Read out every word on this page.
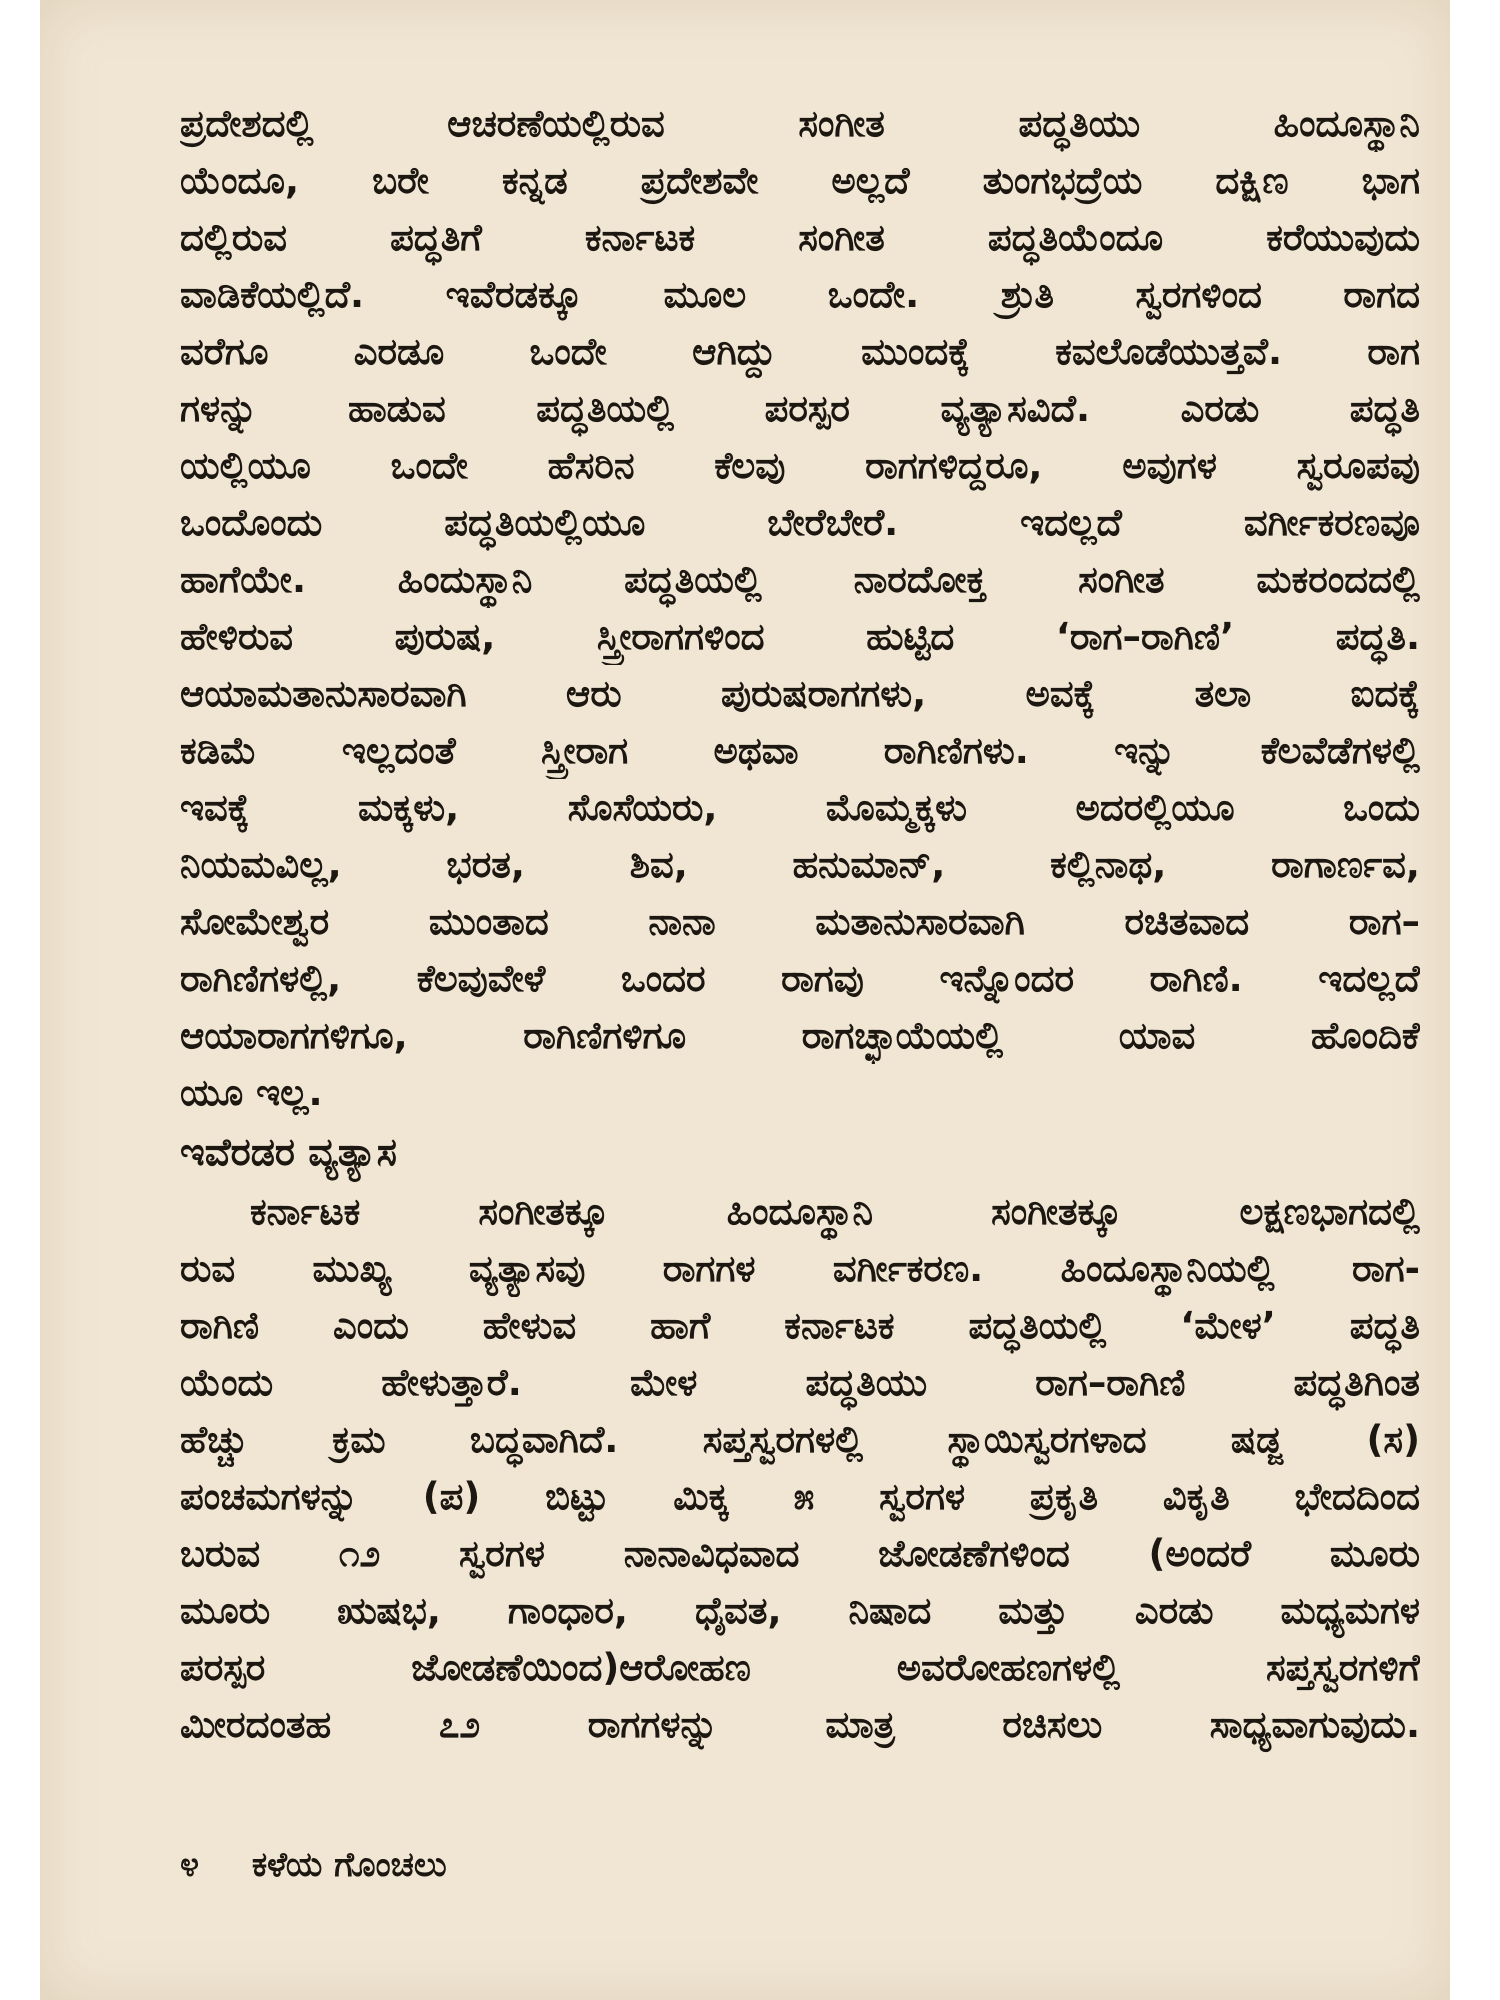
ಪ್ರದೇಶದಲ್ಲಿ ಆಚರಣೆಯಲ್ಲಿರುವ ಸಂಗೀತ ಪದ್ಧತಿಯು ಹಿಂದೂಸ್ಥಾನಿ
ಯೆಂದೂ, ಬರೇ ಕನ್ನಡ ಪ್ರದೇಶವೇ ಅಲ್ಲದೆ ತುಂಗಭದ್ರೆಯ ದಕ್ಷಿಣ ಭಾಗ
ದಲ್ಲಿರುವ ಪದ್ಧತಿಗೆ ಕರ್ನಾಟಕ ಸಂಗೀತ ಪದ್ಧತಿಯೆಂದೂ ಕರೆಯುವುದು
ವಾಡಿಕೆಯಲ್ಲಿದೆ. ಇವೆರಡಕ್ಕೂ ಮೂಲ ಒಂದೇ. ಶ್ರುತಿ ಸ್ವರಗಳಿಂದ ರಾಗದ
ವರೆಗೂ ಎರಡೂ ಒಂದೇ ಆಗಿದ್ದು ಮುಂದಕ್ಕೆ ಕವಲೊಡೆಯುತ್ತವೆ. ರಾಗ
ಗಳನ್ನು ಹಾಡುವ ಪದ್ಧತಿಯಲ್ಲಿ ಪರಸ್ಪರ ವ್ಯತ್ಯಾಸವಿದೆ. ಎರಡು ಪದ್ಧತಿ
ಯಲ್ಲಿಯೂ ಒಂದೇ ಹೆಸರಿನ ಕೆಲವು ರಾಗಗಳಿದ್ದರೂ, ಅವುಗಳ ಸ್ವರೂಪವು
ಒಂದೊಂದು ಪದ್ಧತಿಯಲ್ಲಿಯೂ ಬೇರೆಬೇರೆ. ಇದಲ್ಲದೆ ವರ್ಗೀಕರಣವೂ
ಹಾಗೆಯೇ. ಹಿಂದುಸ್ಥಾನಿ ಪದ್ಧತಿಯಲ್ಲಿ ನಾರದೋಕ್ತ ಸಂಗೀತ ಮಕರಂದದಲ್ಲಿ
ಹೇಳಿರುವ ಪುರುಷ, ಸ್ತ್ರೀರಾಗಗಳಿಂದ ಹುಟ್ಟಿದ ‘ರಾಗ–ರಾಗಿಣಿ’ ಪದ್ಧತಿ.
ಆಯಾಮತಾನುಸಾರವಾಗಿ ಆರು ಪುರುಷರಾಗಗಳು, ಅವಕ್ಕೆ ತಲಾ ಐದಕ್ಕೆ
ಕಡಿಮೆ ಇಲ್ಲದಂತೆ ಸ್ತ್ರೀರಾಗ ಅಥವಾ ರಾಗಿಣಿಗಳು. ಇನ್ನು ಕೆಲವೆಡೆಗಳಲ್ಲಿ
ಇವಕ್ಕೆ ಮಕ್ಕಳು, ಸೊಸೆಯರು, ಮೊಮ್ಮಕ್ಕಳು ಅದರಲ್ಲಿಯೂ ಒಂದು
ನಿಯಮವಿಲ್ಲ, ಭರತ, ಶಿವ, ಹನುಮಾನ್, ಕಲ್ಲಿನಾಥ, ರಾಗಾರ್ಣವ,
ಸೋಮೇಶ್ವರ ಮುಂತಾದ ನಾನಾ ಮತಾನುಸಾರವಾಗಿ ರಚಿತವಾದ ರಾಗ–
ರಾಗಿಣಿಗಳಲ್ಲಿ, ಕೆಲವುವೇಳೆ ಒಂದರ ರಾಗವು ಇನ್ನೊಂದರ ರಾಗಿಣಿ. ಇದಲ್ಲದೆ
ಆಯಾರಾಗಗಳಿಗೂ, ರಾಗಿಣಿಗಳಿಗೂ ರಾಗಚ್ಛಾಯೆಯಲ್ಲಿ ಯಾವ ಹೊಂದಿಕೆ
ಯೂ ಇಲ್ಲ.
ಇವೆರಡರ ವ್ಯತ್ಯಾಸ
ಕರ್ನಾಟಕ ಸಂಗೀತಕ್ಕೂ ಹಿಂದೂಸ್ಥಾನಿ ಸಂಗೀತಕ್ಕೂ ಲಕ್ಷಣಭಾಗದಲ್ಲಿ
ರುವ ಮುಖ್ಯ ವ್ಯತ್ಯಾಸವು ರಾಗಗಳ ವರ್ಗೀಕರಣ. ಹಿಂದೂಸ್ಥಾನಿಯಲ್ಲಿ ರಾಗ-
ರಾಗಿಣಿ ಎಂದು ಹೇಳುವ ಹಾಗೆ ಕರ್ನಾಟಕ ಪದ್ಧತಿಯಲ್ಲಿ ‘ಮೇಳ’ ಪದ್ಧತಿ
ಯೆಂದು ಹೇಳುತ್ತಾರೆ. ಮೇಳ ಪದ್ಧತಿಯು ರಾಗ–ರಾಗಿಣಿ ಪದ್ಧತಿಗಿಂತ
ಹೆಚ್ಚು ಕ್ರಮ ಬದ್ಧವಾಗಿದೆ. ಸಪ್ತಸ್ವರಗಳಲ್ಲಿ ಸ್ಥಾಯಿಸ್ವರಗಳಾದ ಷಡ್ಜ (ಸ)
ಪಂಚಮಗಳನ್ನು (ಪ) ಬಿಟ್ಟು ಮಿಕ್ಕ ೫ ಸ್ವರಗಳ ಪ್ರಕೃತಿ ವಿಕೃತಿ ಭೇದದಿಂದ
ಬರುವ ೧೨ ಸ್ವರಗಳ ನಾನಾವಿಧವಾದ ಜೋಡಣೆಗಳಿಂದ (ಅಂದರೆ ಮೂರು
ಮೂರು ಋಷಭ, ಗಾಂಧಾರ, ಧೈವತ, ನಿಷಾದ ಮತ್ತು ಎರಡು ಮಧ್ಯಮಗಳ
ಪರಸ್ಪರ ಜೋಡಣೆಯಿಂದ)ಆರೋಹಣ ಅವರೋಹಣಗಳಲ್ಲಿ ಸಪ್ತಸ್ವರಗಳಿಗೆ
ಮೀರದಂತಹ ೭೨ ರಾಗಗಳನ್ನು ಮಾತ್ರ ರಚಿಸಲು ಸಾಧ್ಯವಾಗುವುದು.
೪ ಕಳೆಯ ಗೊಂಚಲು
